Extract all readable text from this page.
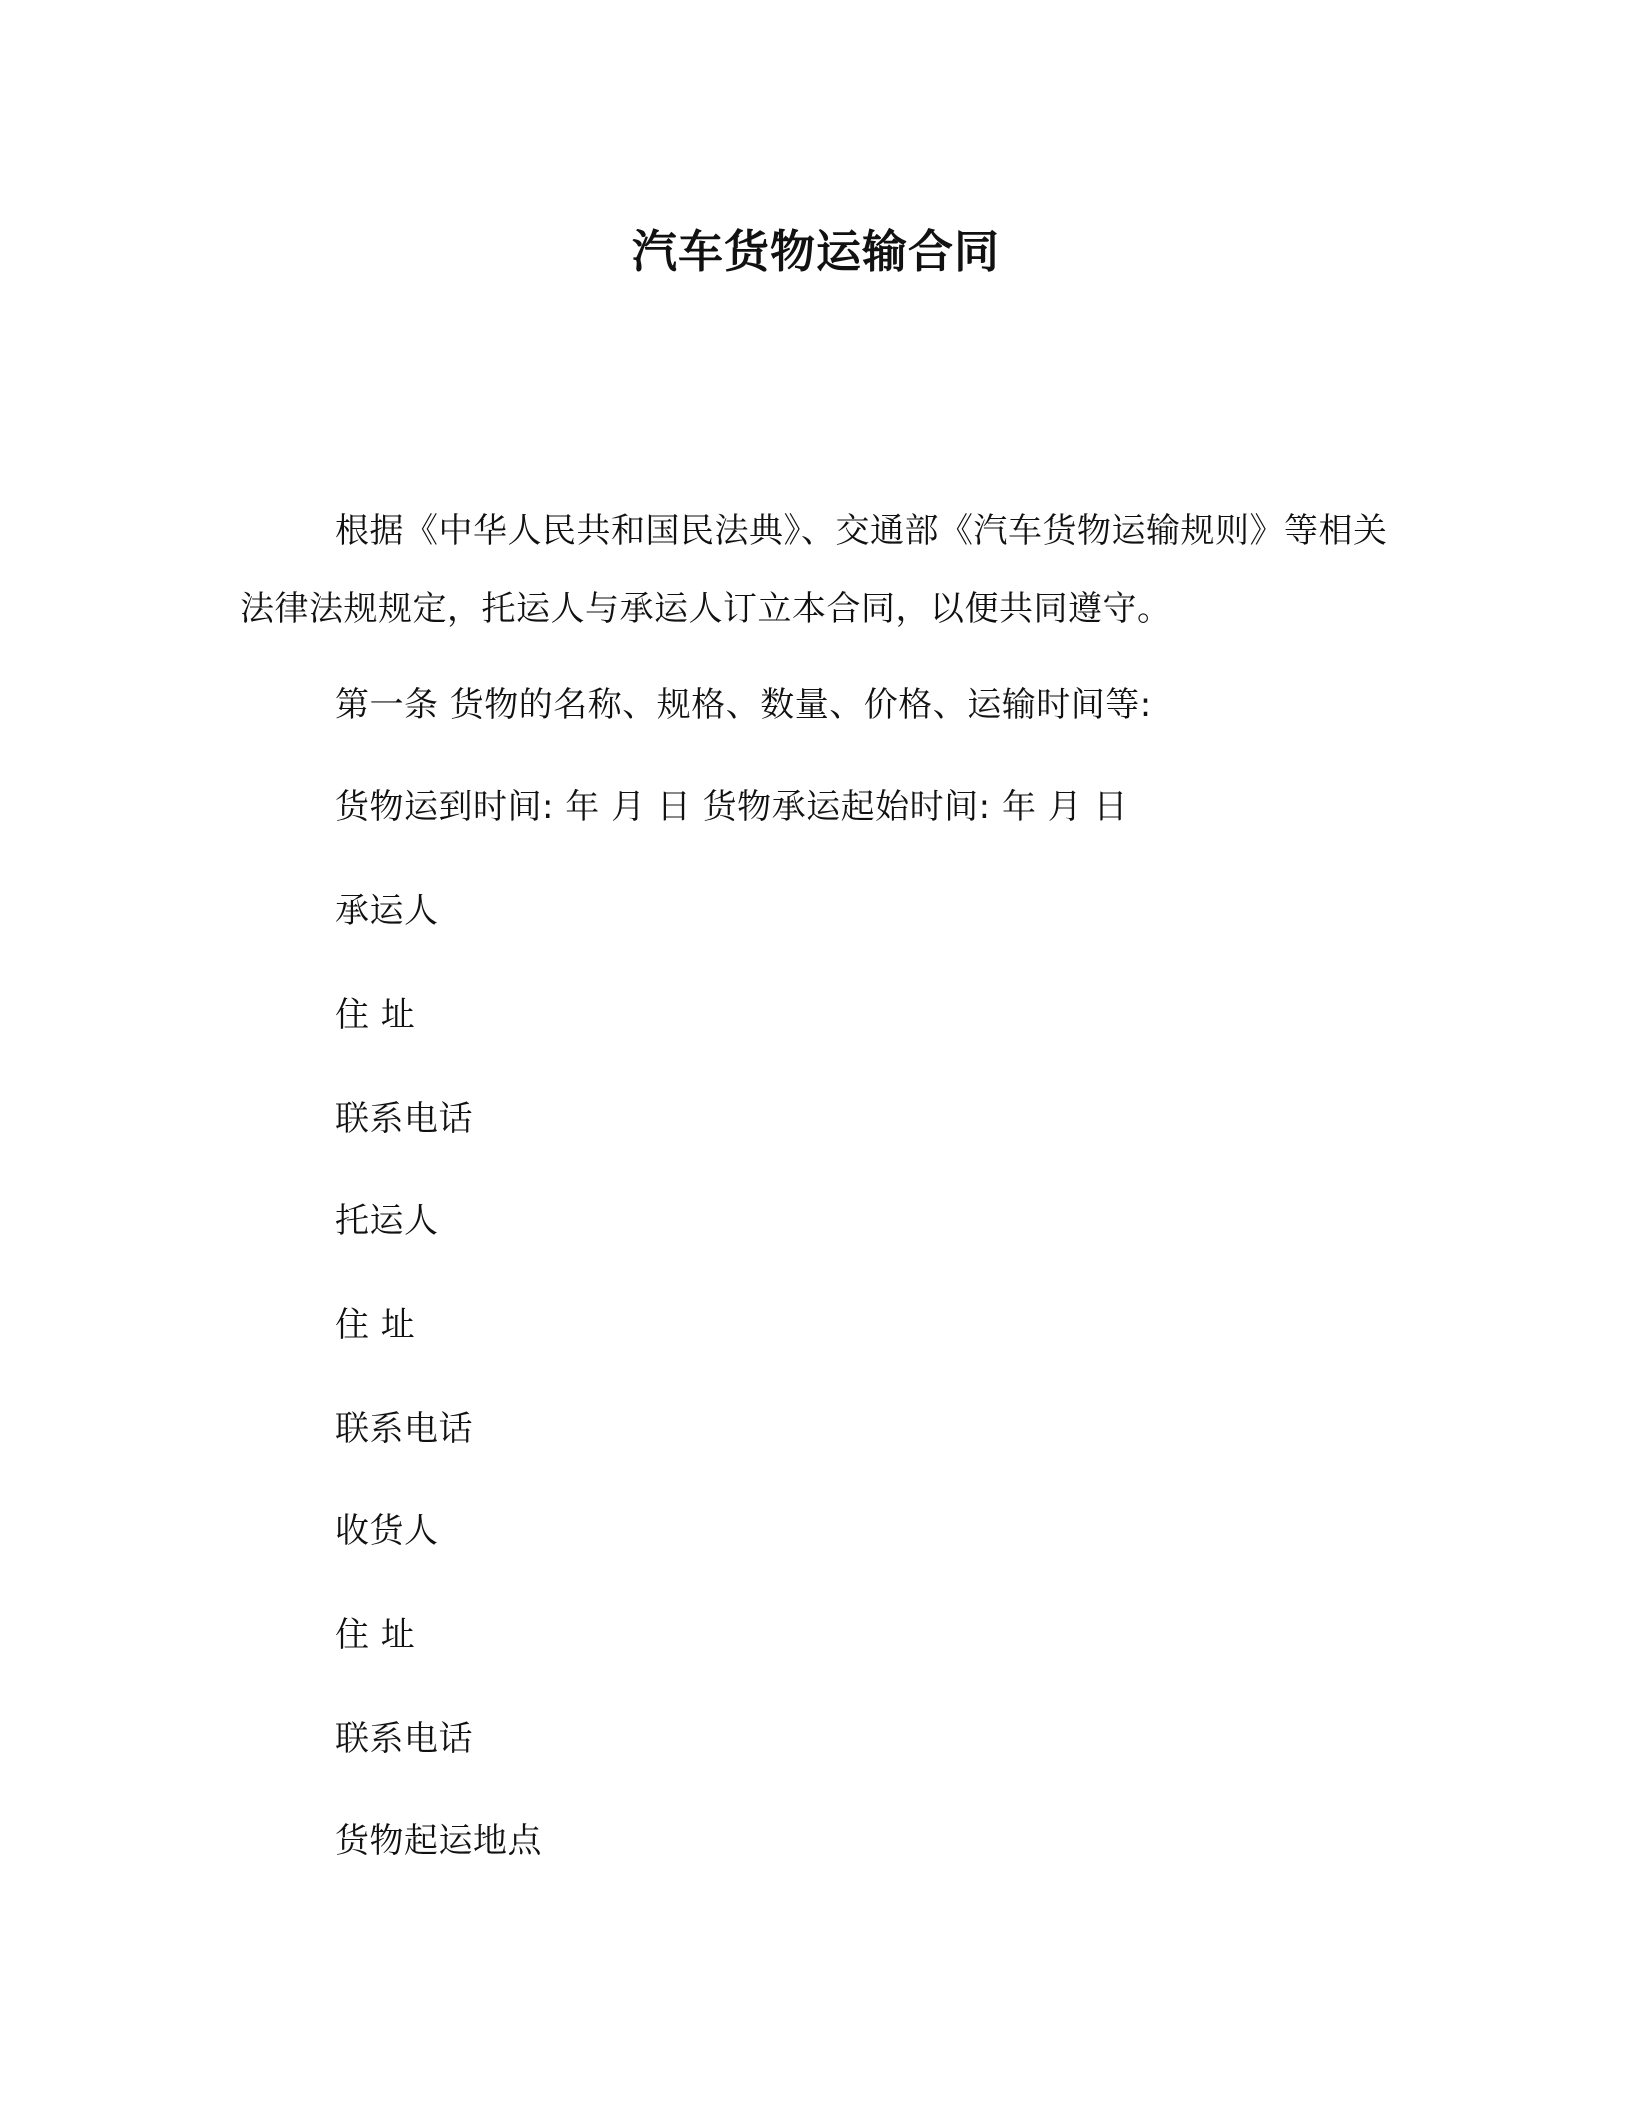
汽车货物运输合同

根据《中华人民共和国民法典》、交通部《汽车货物运输规则》等相关法律法规规定，托运人与承运人订立本合同，以便共同遵守。

第一条 货物的名称、规格、数量、价格、运输时间等:

货物运到时间: 年 月 日 货物承运起始时间: 年 月 日

承运人

住 址

联系电话

托运人

住 址

联系电话

收货人

住 址

联系电话

货物起运地点
